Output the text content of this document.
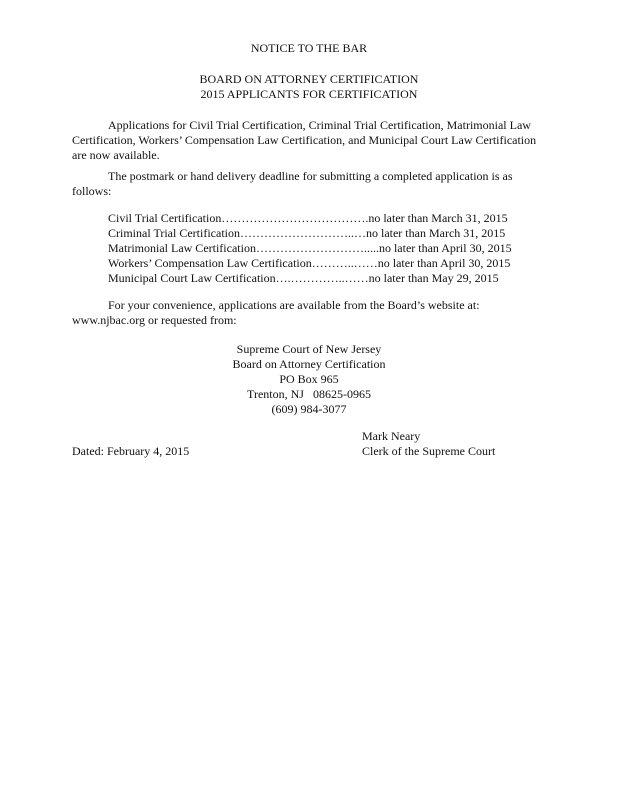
NOTICE TO THE BAR
BOARD ON ATTORNEY CERTIFICATION
2015 APPLICANTS FOR CERTIFICATION
Applications for Civil Trial Certification, Criminal Trial Certification, Matrimonial Law
Certification, Workers’ Compensation Law Certification, and Municipal Court Law Certification
are now available.
The postmark or hand delivery deadline for submitting a completed application is as
follows:
Civil Trial Certification……………………………….no later than March 31, 2015
Criminal Trial Certification………………………..…no later than March 31, 2015
Matrimonial Law Certification……………………….....no later than April 30, 2015
Workers’ Compensation Law Certification………..……no later than April 30, 2015
Municipal Court Law Certification….…………..……no later than May 29, 2015
For your convenience, applications are available from the Board’s website at:
www.njbac.org or requested from:
Supreme Court of New Jersey
Board on Attorney Certification
PO Box 965
Trenton, NJ   08625-0965
(609) 984-3077
Mark Neary
Dated: February 4, 2015	Clerk of the Supreme Court
